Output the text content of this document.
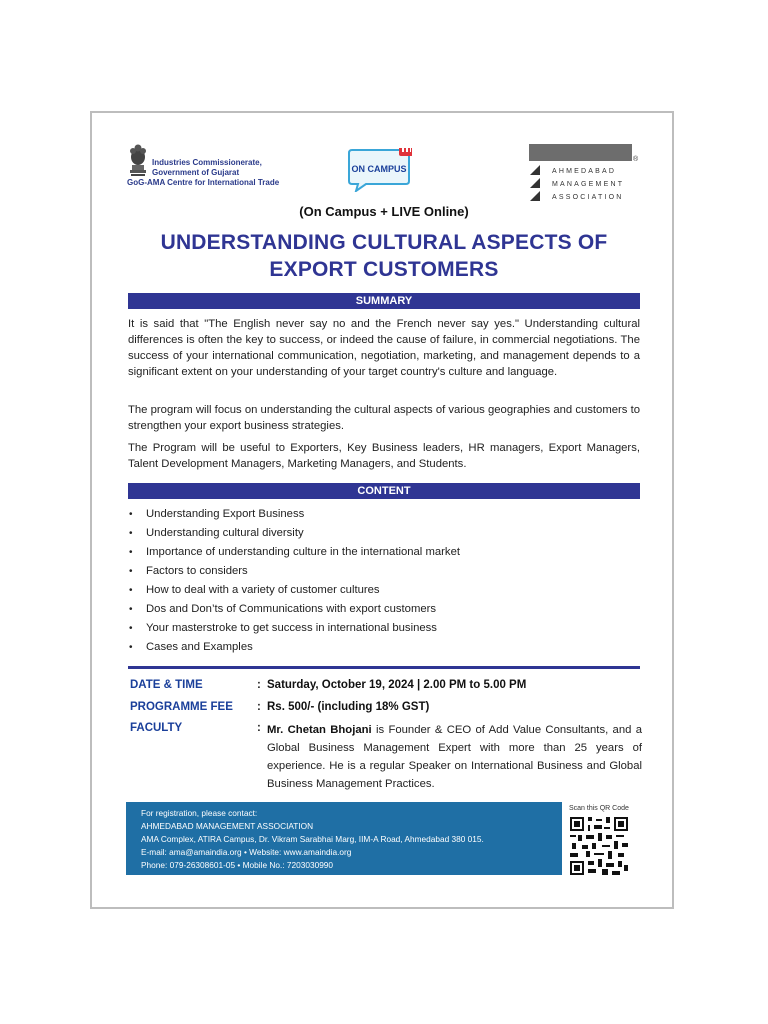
Industries Commissionerate,
Government of Gujarat
GoG-AMA Centre for International Trade
ON CAMPUS
®
AHMEDABAD
MANAGEMENT
ASSOCIATION
(On Campus + LIVE Online)
UNDERSTANDING CULTURAL ASPECTS OF
EXPORT CUSTOMERS
SUMMARY

It is said that "The English never say no and the French never say yes." Understanding cultural differences is often the key to success, or indeed the cause of failure, in commercial negotiations. The success of your international communication, negotiation, marketing, and management depends to a significant extent on your understanding of your target country's culture and language.

The program will focus on understanding the cultural aspects of various geographies and customers to strengthen your export business strategies.

The Program will be useful to Exporters, Key Business leaders, HR managers, Export Managers, Talent Development Managers, Marketing Managers, and Students.

CONTENT
• Understanding Export Business
• Understanding cultural diversity
• Importance of understanding culture in the international market
• Factors to considers
• How to deal with a variety of customer cultures
• Dos and Don’ts of Communications with export customers
• Your masterstroke to get success in international business
• Cases and Examples
DATE & TIME	: Saturday, October 19, 2024 | 2.00 PM to 5.00 PM
PROGRAMME FEE : Rs. 500/- (including 18% GST)
FACULTY	: Mr. Chetan Bhojani is Founder & CEO of Add Value Consultants, and a Global Business Management Expert with more than 25 years of experience. He is a regular Speaker on International Business and Global Business Management Practices.

For registration, please contact:
AHMEDABAD MANAGEMENT ASSOCIATION
AMA Complex, ATIRA Campus, Dr. Vikram Sarabhai Marg, IIM-A Road, Ahmedabad 380 015.
E-mail: ama@amaindia.org • Website: www.amaindia.org
Phone: 079-26308601-05 • Mobile No.: 7203030990
Scan this QR Code
